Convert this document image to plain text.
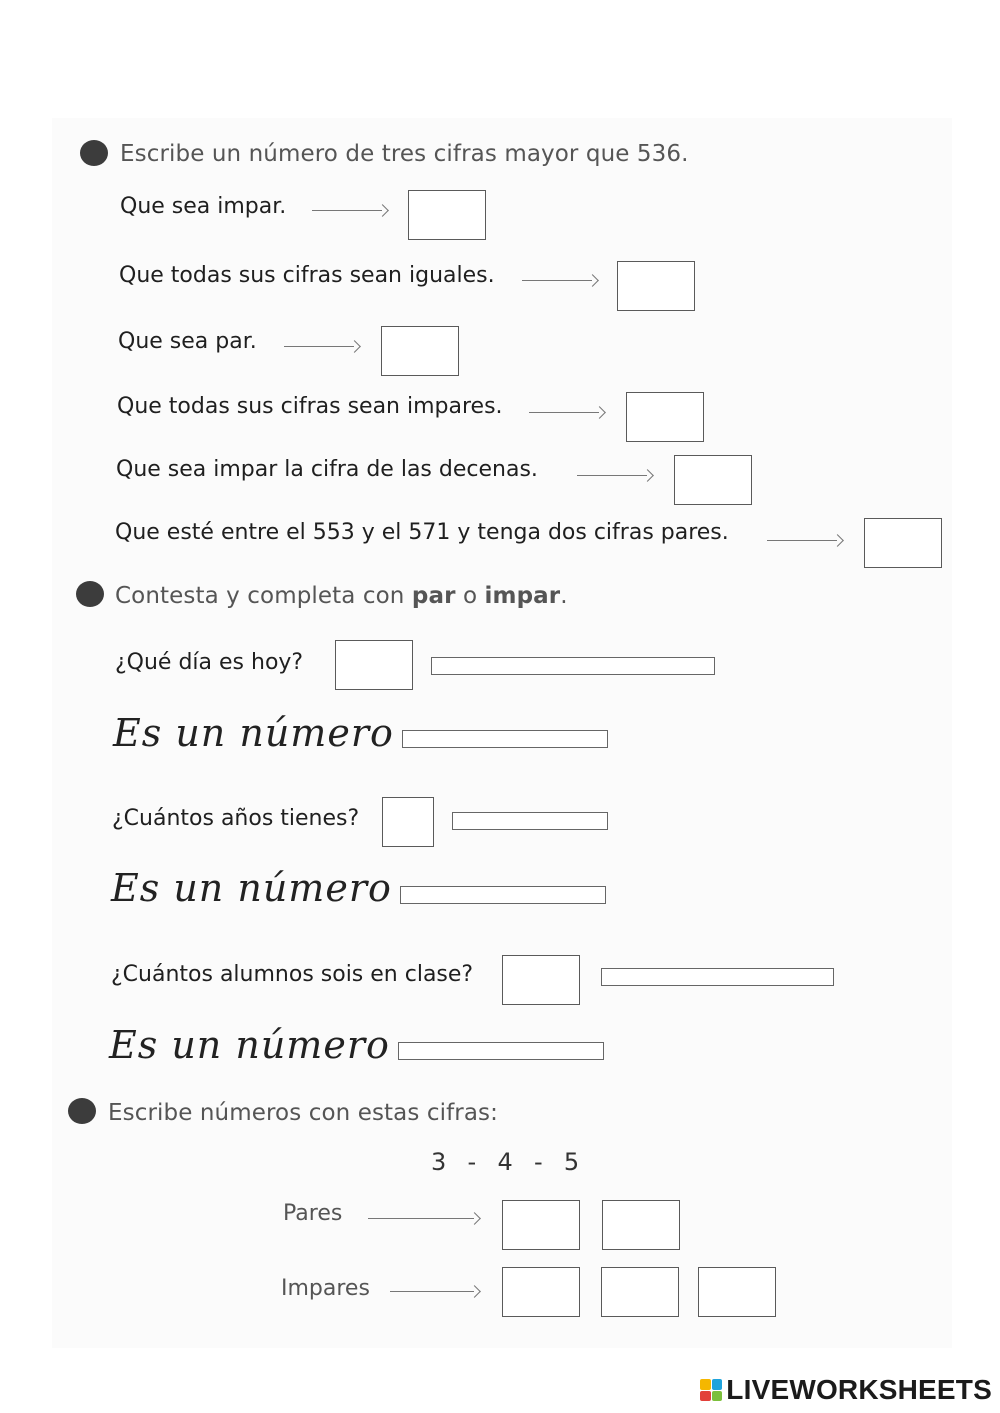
Escribe un número de tres cifras mayor que 536.
Que sea impar.
Que todas sus cifras sean iguales.
Que sea par.
Que todas sus cifras sean impares.
Que sea impar la cifra de las decenas.
Que esté entre el 553 y el 571 y tenga dos cifras pares.
Contesta y completa con par o impar.
¿Qué día es hoy?
Es un número
¿Cuántos años tienes?
Es un número
¿Cuántos alumnos sois en clase?
Es un número
Escribe números con estas cifras:
3  -  4  -  5
Pares
Impares
LIVEWORKSHEETS
